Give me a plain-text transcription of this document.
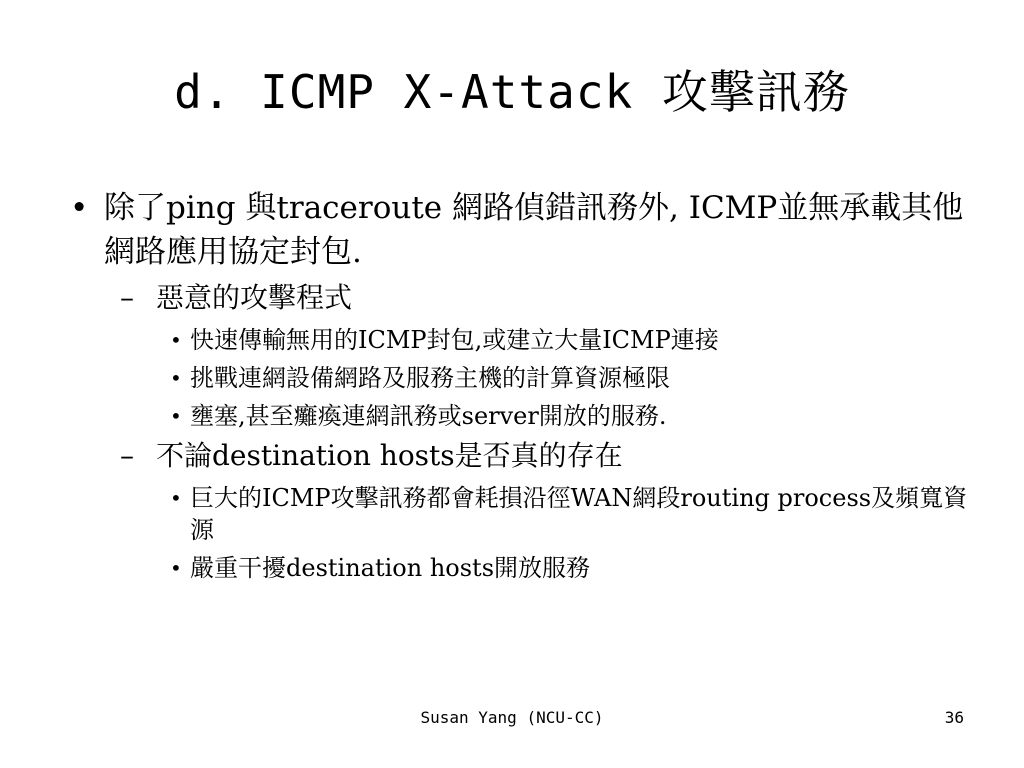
d. ICMP X-Attack 攻擊訊務
• 除了ping 與traceroute 網路偵錯訊務外, ICMP並無承載其他網路應用協定封包.
– 惡意的攻擊程式
• 快速傳輸無用的ICMP封包,或建立大量ICMP連接
• 挑戰連網設備網路及服務主機的計算資源極限
• 壅塞,甚至癱瘓連網訊務或server開放的服務.
– 不論destination hosts是否真的存在
• 巨大的ICMP攻擊訊務都會耗損沿徑WAN網段routing process及頻寬資源
• 嚴重干擾destination hosts開放服務
Susan Yang (NCU-CC)	36
